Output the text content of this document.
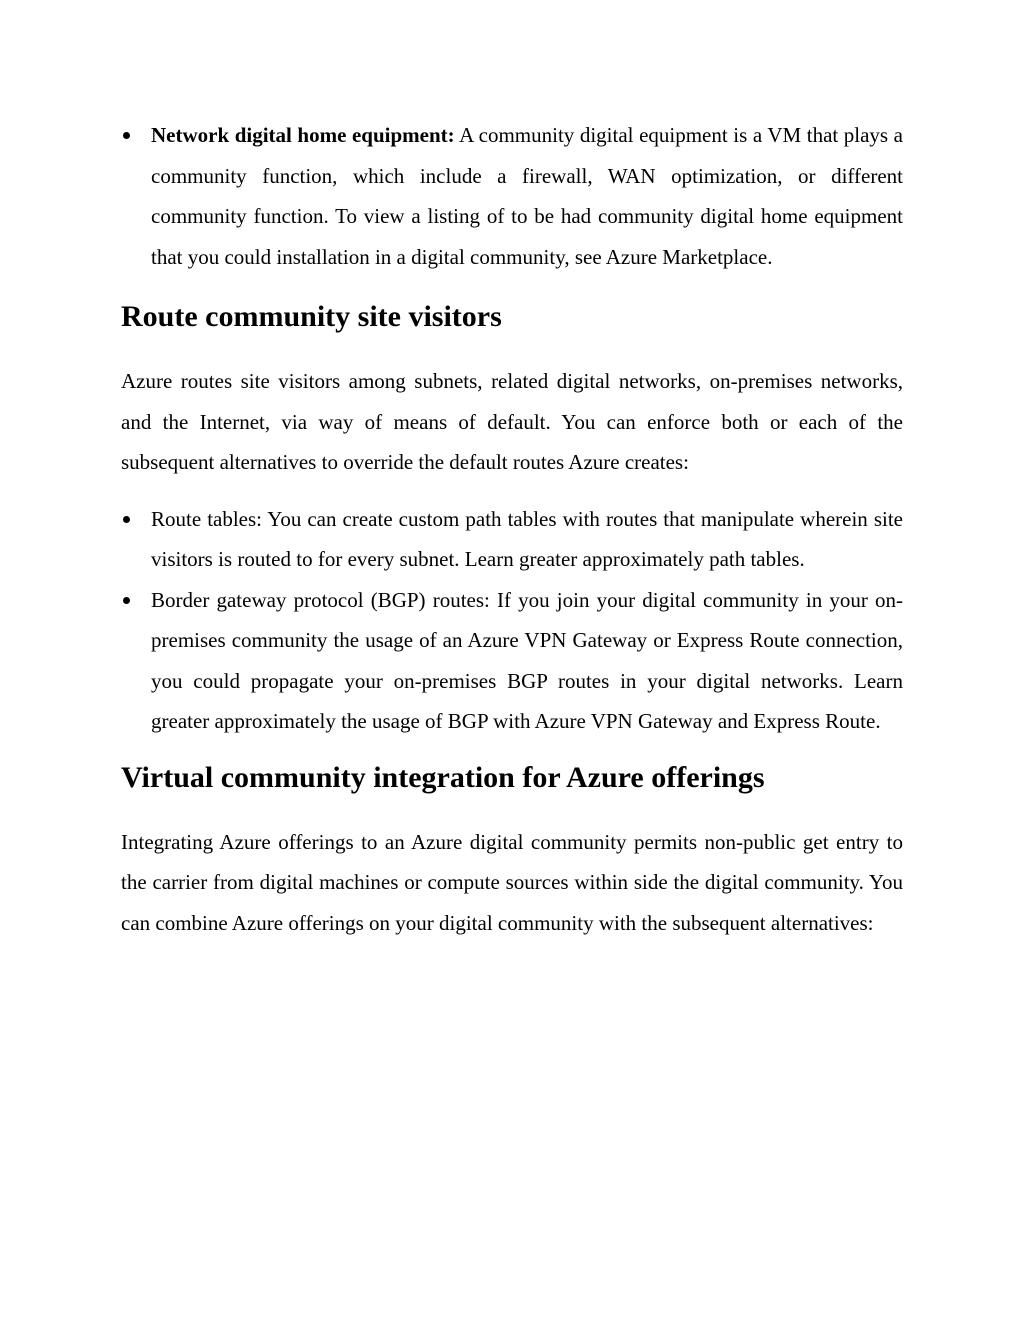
Network digital home equipment: A community digital equipment is a VM that plays a community function, which include a firewall, WAN optimization, or different community function. To view a listing of to be had community digital home equipment that you could installation in a digital community, see Azure Marketplace.
Route community site visitors

Azure routes site visitors among subnets, related digital networks, on-premises networks, and the Internet, via way of means of default. You can enforce both or each of the subsequent alternatives to override the default routes Azure creates:

Route tables: You can create custom path tables with routes that manipulate wherein site visitors is routed to for every subnet. Learn greater approximately path tables.
Border gateway protocol (BGP) routes: If you join your digital community in your on-premises community the usage of an Azure VPN Gateway or Express Route connection, you could propagate your on-premises BGP routes in your digital networks. Learn greater approximately the usage of BGP with Azure VPN Gateway and Express Route.
Virtual community integration for Azure offerings

Integrating Azure offerings to an Azure digital community permits non-public get entry to the carrier from digital machines or compute sources within side the digital community. You can combine Azure offerings on your digital community with the subsequent alternatives:
